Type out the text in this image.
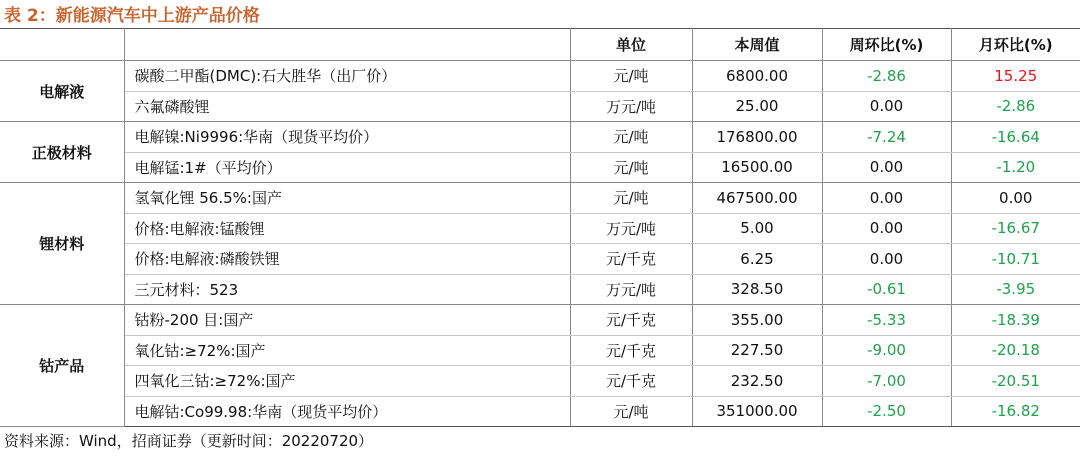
表 2：新能源汽车中上游产品价格
		单位	本周值	周环比(%)	月环比(%)
电解液	碳酸二甲酯(DMC):石大胜华（出厂价）	元/吨	6800.00	-2.86	15.25
	六氟磷酸锂	万元/吨	25.00	0.00	-2.86
正极材料	电解镍:Ni9996:华南（现货平均价）	元/吨	176800.00	-7.24	-16.64
	电解锰:1#（平均价）	元/吨	16500.00	0.00	-1.20
锂材料	氢氧化锂 56.5%:国产	元/吨	467500.00	0.00	0.00
	价格:电解液:锰酸锂	万元/吨	5.00	0.00	-16.67
	价格:电解液:磷酸铁锂	元/千克	6.25	0.00	-10.71
	三元材料：523	万元/吨	328.50	-0.61	-3.95
钴产品	钴粉-200 目:国产	元/千克	355.00	-5.33	-18.39
	氧化钴:≥72%:国产	元/千克	227.50	-9.00	-20.18
	四氧化三钴:≥72%:国产	元/千克	232.50	-7.00	-20.51
	电解钴:Co99.98:华南（现货平均价）	元/吨	351000.00	-2.50	-16.82
资料来源：Wind，招商证券（更新时间：20220720）
